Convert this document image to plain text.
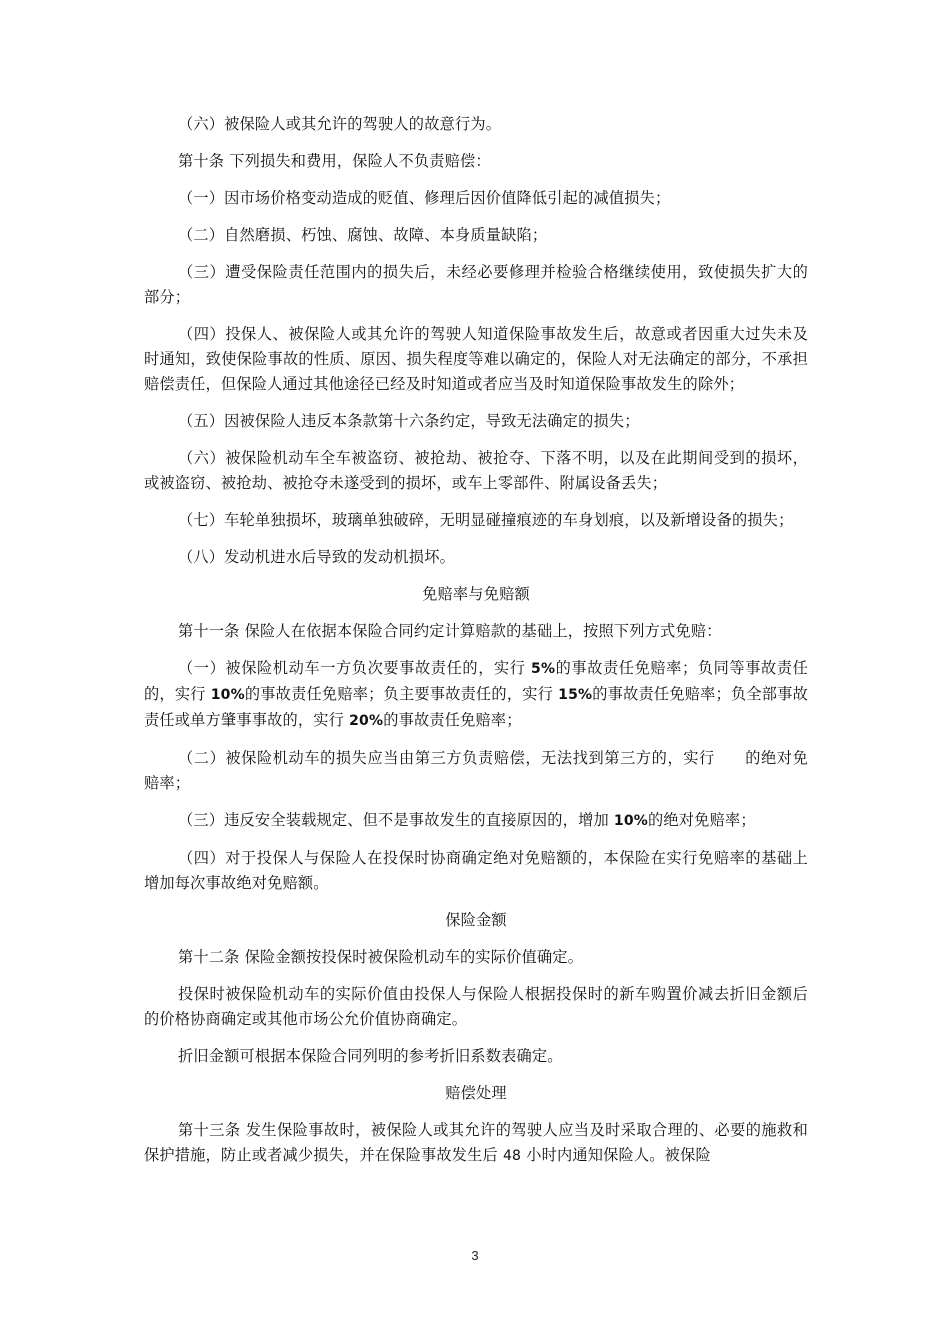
（六）被保险人或其允许的驾驶人的故意行为。

第十条 下列损失和费用，保险人不负责赔偿：

（一）因市场价格变动造成的贬值、修理后因价值降低引起的减值损失；

（二）自然磨损、朽蚀、腐蚀、故障、本身质量缺陷；

（三）遭受保险责任范围内的损失后，未经必要修理并检验合格继续使用，致使损失扩大的部分；

（四）投保人、被保险人或其允许的驾驶人知道保险事故发生后，故意或者因重大过失未及时通知，致使保险事故的性质、原因、损失程度等难以确定的，保险人对无法确定的部分，不承担赔偿责任，但保险人通过其他途径已经及时知道或者应当及时知道保险事故发生的除外；

（五）因被保险人违反本条款第十六条约定，导致无法确定的损失；

（六）被保险机动车全车被盗窃、被抢劫、被抢夺、下落不明，以及在此期间受到的损坏，或被盗窃、被抢劫、被抢夺未遂受到的损坏，或车上零部件、附属设备丢失；

（七）车轮单独损坏，玻璃单独破碎，无明显碰撞痕迹的车身划痕，以及新增设备的损失；

（八）发动机进水后导致的发动机损坏。

免赔率与免赔额

第十一条 保险人在依据本保险合同约定计算赔款的基础上，按照下列方式免赔：

（一）被保险机动车一方负次要事故责任的，实行 5%的事故责任免赔率；负同等事故责任的，实行 10%的事故责任免赔率；负主要事故责任的，实行 15%的事故责任免赔率；负全部事故责任或单方肇事事故的，实行 20%的事故责任免赔率；

（二）被保险机动车的损失应当由第三方负责赔偿，无法找到第三方的，实行 的绝对免赔率；

（三）违反安全装载规定、但不是事故发生的直接原因的，增加 10%的绝对免赔率；

（四）对于投保人与保险人在投保时协商确定绝对免赔额的，本保险在实行免赔率的基础上增加每次事故绝对免赔额。

保险金额

第十二条 保险金额按投保时被保险机动车的实际价值确定。

投保时被保险机动车的实际价值由投保人与保险人根据投保时的新车购置价减去折旧金额后的价格协商确定或其他市场公允价值协商确定。

折旧金额可根据本保险合同列明的参考折旧系数表确定。

赔偿处理

第十三条 发生保险事故时，被保险人或其允许的驾驶人应当及时采取合理的、必要的施救和保护措施，防止或者减少损失，并在保险事故发生后 48 小时内通知保险人。被保险

3
